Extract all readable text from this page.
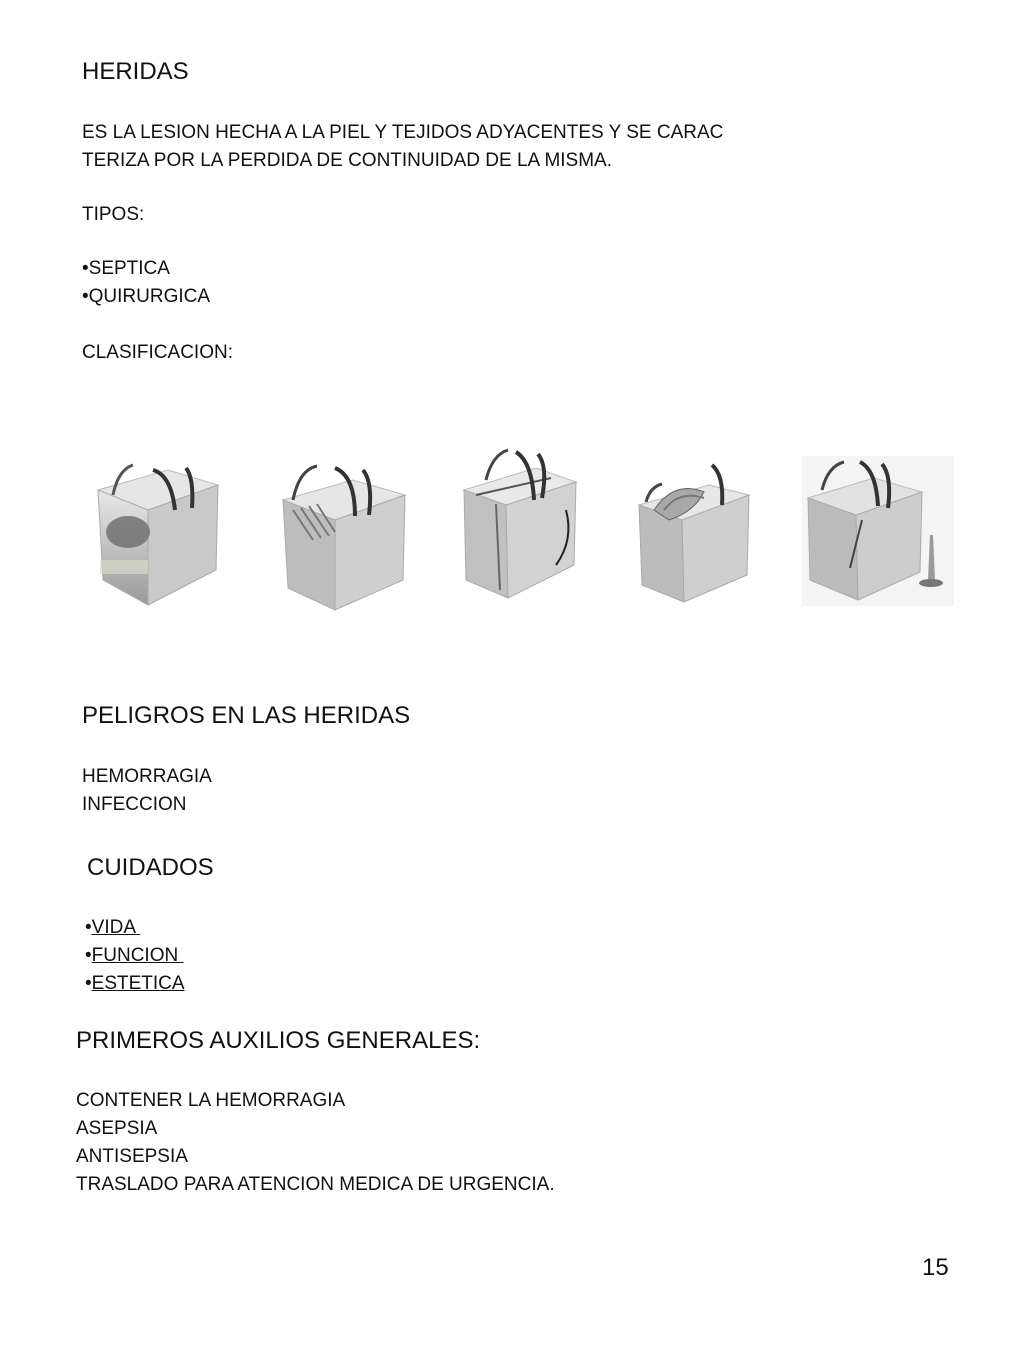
HERIDAS
ES LA LESION HECHA A LA PIEL Y TEJIDOS ADYACENTES Y SE CARAC
TERIZA POR LA PERDIDA DE CONTINUIDAD DE LA MISMA.
TIPOS:
•SEPTICA
•QUIRURGICA
CLASIFICACION:
PELIGROS EN LAS HERIDAS
HEMORRAGIA
INFECCION
CUIDADOS
•VIDA
•FUNCION
•ESTETICA
PRIMEROS AUXILIOS GENERALES:
CONTENER LA HEMORRAGIA
ASEPSIA
ANTISEPSIA
TRASLADO PARA ATENCION MEDICA DE URGENCIA.
15
